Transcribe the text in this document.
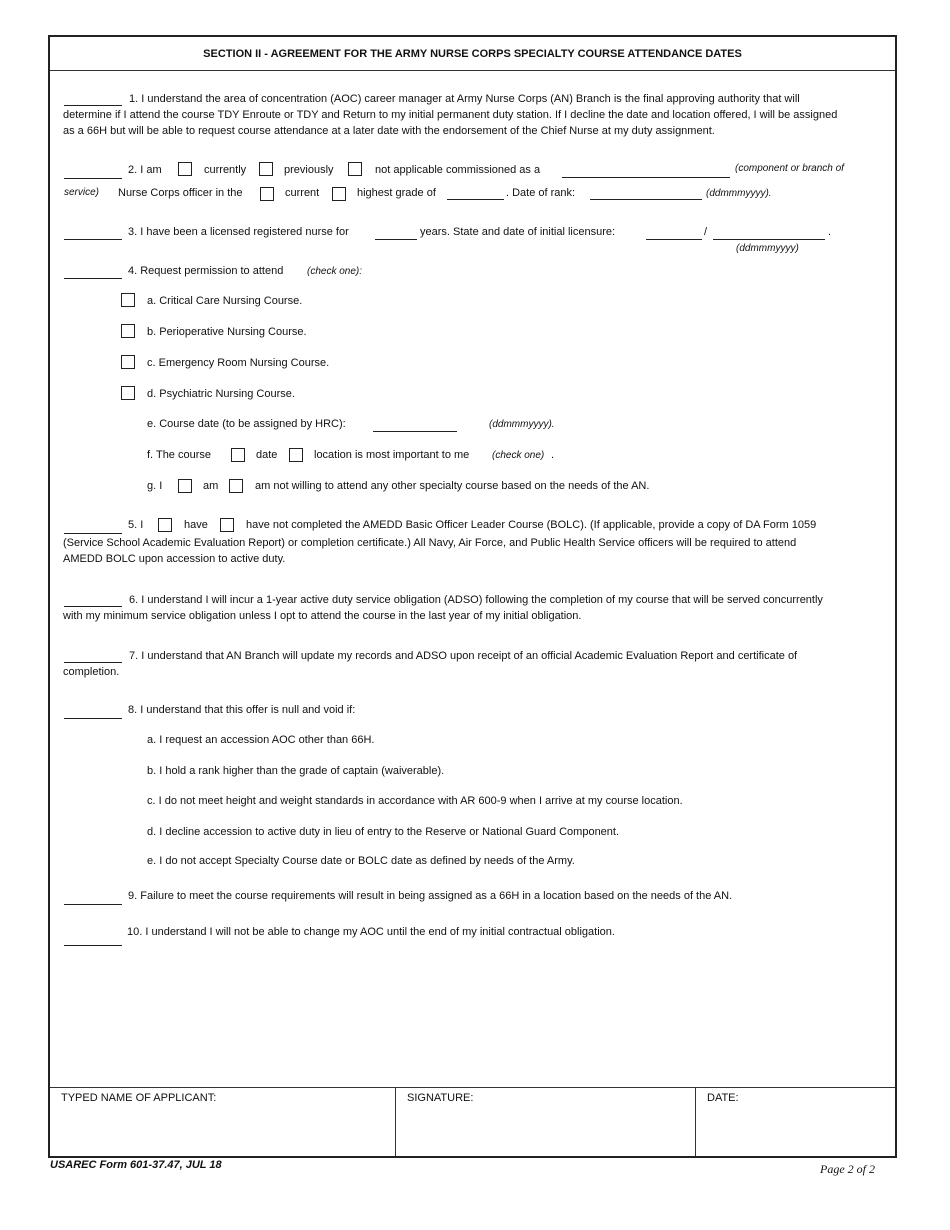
SECTION II - AGREEMENT FOR THE ARMY NURSE CORPS SPECIALTY COURSE ATTENDANCE DATES
1. I understand the area of concentration (AOC) career manager at Army Nurse Corps (AN) Branch is the final approving authority that will determine if I attend the course TDY Enroute or TDY and Return to my initial permanent duty station. If I decline the date and location offered, I will be assigned as a 66H but will be able to request course attendance at a later date with the endorsement of the Chief Nurse at my duty assignment.
2. I am	currently	previously	not applicable commissioned as a	(component or branch of
service) Nurse Corps officer in the	current	highest grade of	. Date of rank:	(ddmmmyyyy).
3. I have been a licensed registered nurse for	years. State and date of initial licensure:	/	.
(ddmmmyyyy)
4. Request permission to attend (check one):
a. Critical Care Nursing Course.
b. Perioperative Nursing Course.
c. Emergency Room Nursing Course.
d. Psychiatric Nursing Course.
e. Course date (to be assigned by HRC):	(ddmmmyyyy).
f. The course	date	location is most important to me (check one) .
g. I	am	am not willing to attend any other specialty course based on the needs of the AN.
5. I	have	have not completed the AMEDD Basic Officer Leader Course (BOLC). (If applicable, provide a copy of DA Form 1059
(Service School Academic Evaluation Report) or completion certificate.) All Navy, Air Force, and Public Health Service officers will be required to attend AMEDD BOLC upon accession to active duty.
6. I understand I will incur a 1-year active duty service obligation (ADSO) following the completion of my course that will be served concurrently with my minimum service obligation unless I opt to attend the course in the last year of my initial obligation.
7. I understand that AN Branch will update my records and ADSO upon receipt of an official Academic Evaluation Report and certificate of completion.
8. I understand that this offer is null and void if:
a. I request an accession AOC other than 66H.
b. I hold a rank higher than the grade of captain (waiverable).
c. I do not meet height and weight standards in accordance with AR 600-9 when I arrive at my course location.
d. I decline accession to active duty in lieu of entry to the Reserve or National Guard Component.
e. I do not accept Specialty Course date or BOLC date as defined by needs of the Army.
9. Failure to meet the course requirements will result in being assigned as a 66H in a location based on the needs of the AN.
10. I understand I will not be able to change my AOC until the end of my initial contractual obligation.
TYPED NAME OF APPLICANT:	SIGNATURE:	DATE:
USAREC Form 601-37.47, JUL 18	Page 2 of 2
